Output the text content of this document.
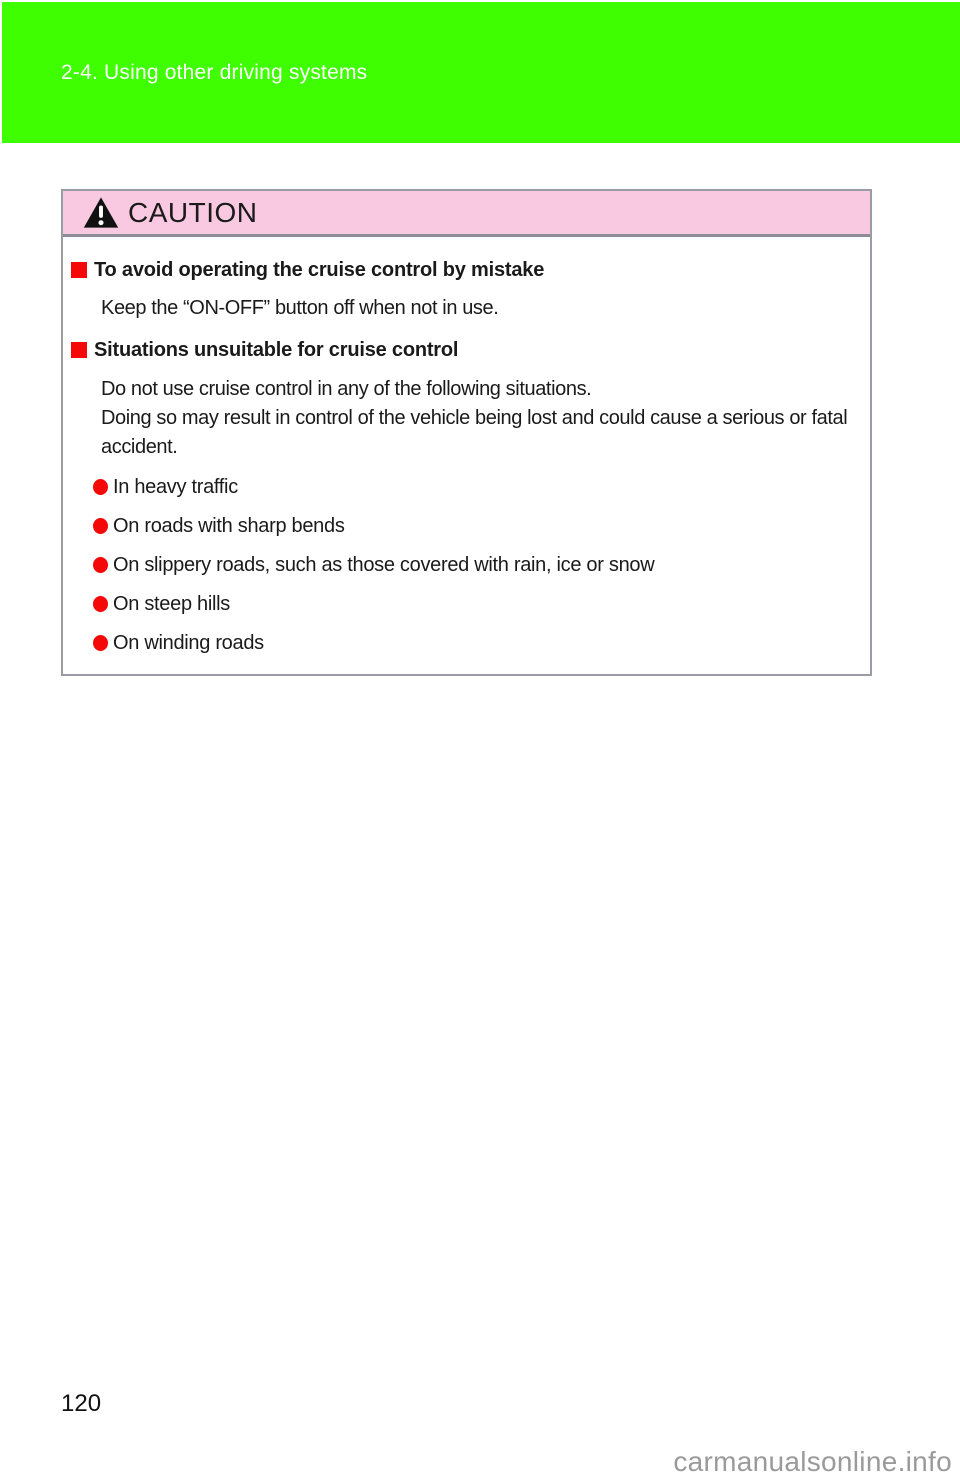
2-4. Using other driving systems
CAUTION
To avoid operating the cruise control by mistake

Keep the “ON-OFF” button off when not in use.

Situations unsuitable for cruise control

Do not use cruise control in any of the following situations.

Doing so may result in control of the vehicle being lost and could cause a serious or fatal accident.

In heavy traffic
On roads with sharp bends
On slippery roads, such as those covered with rain, ice or snow
On steep hills
On winding roads
120
carmanualsonline.info
